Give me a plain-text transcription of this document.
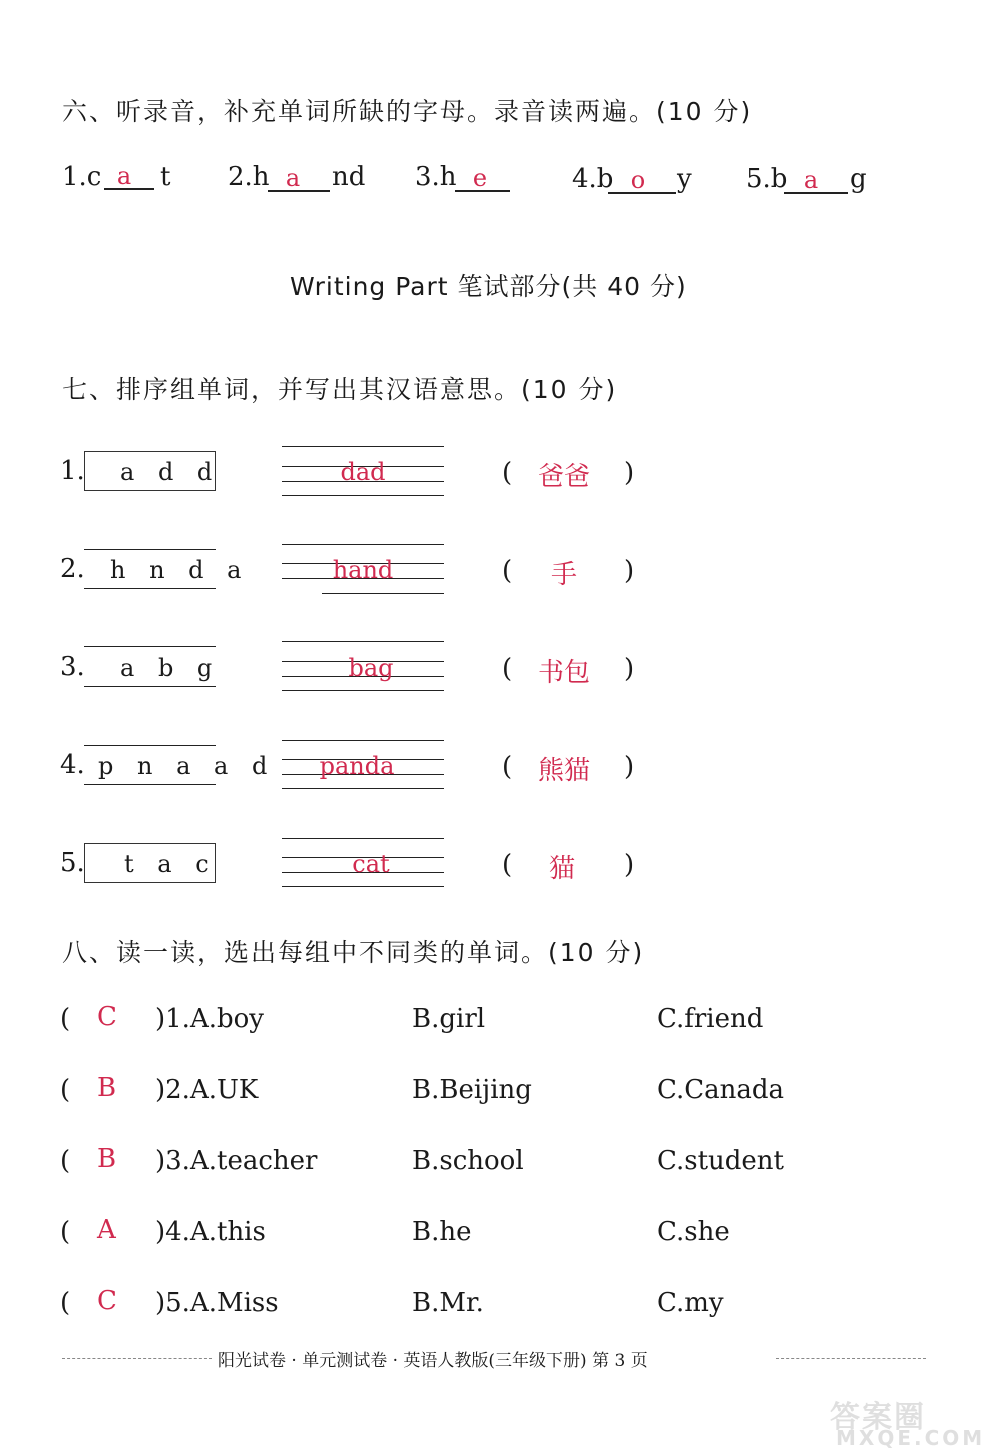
六、听录音，补充单词所缺的字母。录音读两遍。(10 分)
1.c a	t 2.h a	nd 3.h e	4.b o	y 5.b a	g
Writing Part 笔试部分(共 40 分)
七、排序组单词，并写出其汉语意思。(10 分)
1. a d d	dad	( 爸爸	)
2. h n d a	hand	(	手	)
3. a b g	bag	( 书包	)
4. p n a a d	panda	( 熊猫	)
5. t a c	cat	(	猫	)
八、读一读，选出每组中不同类的单词。(10 分)
( C )1.A.boy	B.girl	C.friend
( B )2.A.UK	B.Beijing	C.Canada
( B )3.A.teacher	B.school	C.student
( A )4.A.this	B.he	C.she
( C )5.A.Miss	B.Mr.	C.my
阳光试卷 · 单元测试卷 · 英语人教版(三年级下册) 第 3 页
答案圈
MXQE.COM
